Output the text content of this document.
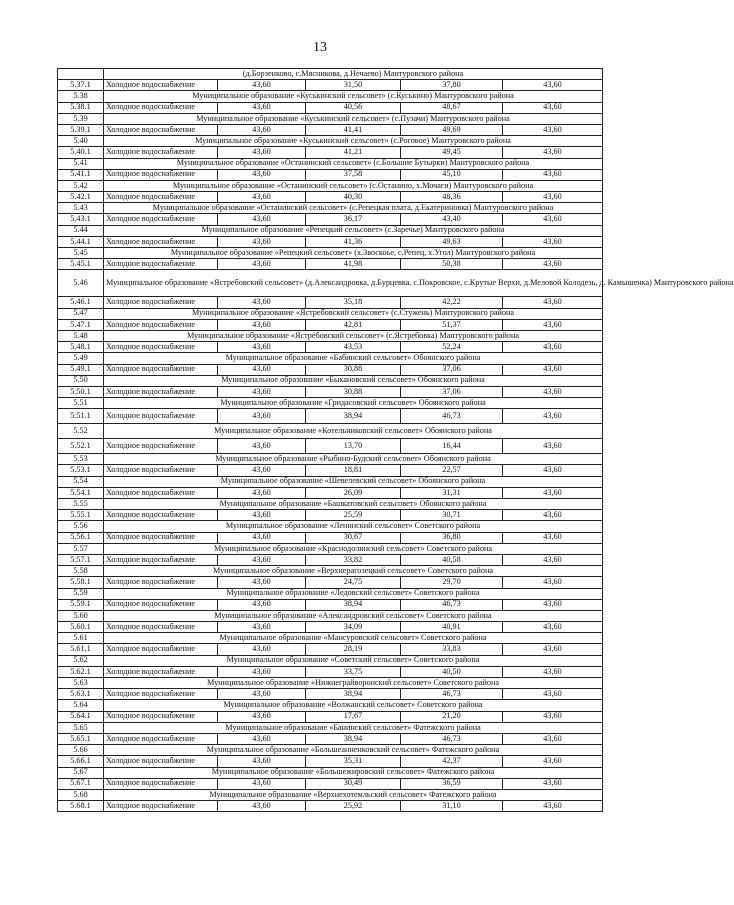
13
	(д.Борзенково, с.Мясникова, д.Нечаево) Мантуровского района				
5.37.1	Холодное водоснабжение	43,60	31,50	37,80	43,60
5.38	Муниципальное образование «Куськинский сельсовет» (с.Куськино) Мантуровского района				
5.38.1	Холодное водоснабжение	43,60	40,56	48,67	43,60
5.39	Муниципальное образование «Куськинский сельсовет» (с.Пузачи) Мантуровского района				
5.39.1	Холодное водоснабжение	43,60	41,41	49,69	43,60
5.40	Муниципальное образование «Куськинский сельсовет» (с.Роговое) Мантуровского района				
5.40.1	Холодное водоснабжение	43,60	41,21	49,45	43,60
5.41	Муниципальное образование «Останинский сельсовет» (с.Большие Бутырки) Мантуровского района				
5.41.1	Холодное водоснабжение	43,60	37,58	45,10	43,60
5.42	Муниципальное образование «Останинский сельсовет» (с.Останино, х.Мочаги) Мантуровского района				
5.42.1	Холодное водоснабжение	43,60	40,30	48,36	43,60
5.43	Муниципальное образование «Останинский сельсовет» (с.Репецкая плата, д.Екатериновка) Мантуровского района				
5.43.1	Холодное водоснабжение	43,60	36,17	43,40	43,60
5.44	Муниципальное образование «Репецкий сельсовет» (с.Заречье) Мантуровского района				
5.44.1	Холодное водоснабжение	43,60	41,36	49,63	43,60
5.45	Муниципальное образование «Репецкий сельсовет» (х.Звоскоье, с.Репец, х.Угол) Мантуровского района				
5.45.1	Холодное водоснабжение	43,60	41,98	50,38	43,60
5.46	Муниципальное образование «Ястребовский сельсовет» (д.Александровка, д.Бурцевка, с.Покровское, с.Крутые Верхи, д.Меловой Колодезь, д. Камышенка) Мантуровского района				
5.46.1	Холодное водоснабжение	43,60	35,18	42,22	43,60
5.47	Муниципальное образование «Ястребовский сельсовет» (с.Стужень) Мантуровского района				
5.47.1	Холодное водоснабжение	43,60	42,81	51,37	43,60
5.48	Муниципальное образование «Ястребовский сельсовет» (с.Ястребовка) Мантуровского района				
5.48.1	Холодное водоснабжение	43,60	43,53	52,24	43,60
5.49	Муниципальное образование «Бабинский сельсовет» Обоянского района				
5.49.1	Холодное водоснабжение	43,60	30,88	37,06	43,60
5.50	Муниципальное образование «Быкановский сельсовет» Обоянского района				
5.50.1	Холодное водоснабжение	43,60	30,88	37,06	43,60
5.51	Муниципальное образование «Гридасовский сельсовет» Обоянского района				
5.51.1	Холодное водоснабжение	43,60	38,94	46,73	43,60
5.52	Муниципальное образование «Котельниковский сельсовет» Обоянского района				
5.52.1	Холодное водоснабжение	43,60	13,70	16,44	43,60
5.53	Муниципальное образование «Рыбино-Будский сельсовет» Обоянского района				
5.53.1	Холодное водоснабжение	43,60	18,81	22,57	43,60
5.54	Муниципальное образование «Шевелевский сельсовет» Обоянского района				
5.54.1	Холодное водоснабжение	43,60	26,09	31,31	43,60
5.55	Муниципальное образование «Башкатовский сельсовет» Обоянского района				
5.55.1	Холодное водоснабжение	43,60	25,59	30,71	43,60
5.56	Муниципальное образование «Ленинский сельсовет» Советского района				
5.56.1	Холодное водоснабжение	43,60	30,67	36,80	43,60
5.57	Муниципальное образование «Краснодолинский сельсовет» Советского района				
5.57.1	Холодное водоснабжение	43,60	33,82	40,58	43,60
5.58	Муниципальное образование «Верхнерагозецкий сельсовет» Советского района				
5.58.1	Холодное водоснабжение	43,60	24,75	29,70	43,60
5.59	Муниципальное образование «Ледовский сельсовет» Советского района				
5.59.1	Холодное водоснабжение	43,60	38,94	46,73	43,60
5.60	Муниципальное образование «Александровский сельсовет» Советского района				
5.60.1	Холодное водоснабжение	43,60	34,09	40,91	43,60
5.61	Муниципальное образование «Мансуровский сельсовет» Советского района				
5.61.1	Холодное водоснабжение	43,60	28,19	33,83	43,60
5.62	Муниципальное образование «Советский сельсовет» Советского района				
5.62.1	Холодное водоснабжение	43,60	33,75	40,50	43,60
5.63	Муниципальное образование «Нижнеграйворонский сельсовет» Советского района				
5.63.1	Холодное водоснабжение	43,60	38,94	46,73	43,60
5.64	Муниципальное образование «Волжанский сельсовет» Советского района				
5.64.1	Холодное водоснабжение	43,60	17,67	21,20	43,60
5.65	Муниципальное образование «Банинский сельсовет» Фатежского района				
5.65.1	Холодное водоснабжение	43,60	38,94	46,73	43,60
5.66	Муниципальное образование «Большеанненковский сельсовет» Фатежского района				
5.66.1	Холодное водоснабжение	43,60	35,31	42,37	43,60
5.67	Муниципальное образование «Большежировский сельсовет» Фатежского района				
5.67.1	Холодное водоснабжение	43,60	30,49	36,59	43,60
5.68	Муниципальное образование «Верхнехотемльский сельсовет» Фатежского района				
5.68.1	Холодное водоснабжение	43,60	25,92	31,10	43,60
